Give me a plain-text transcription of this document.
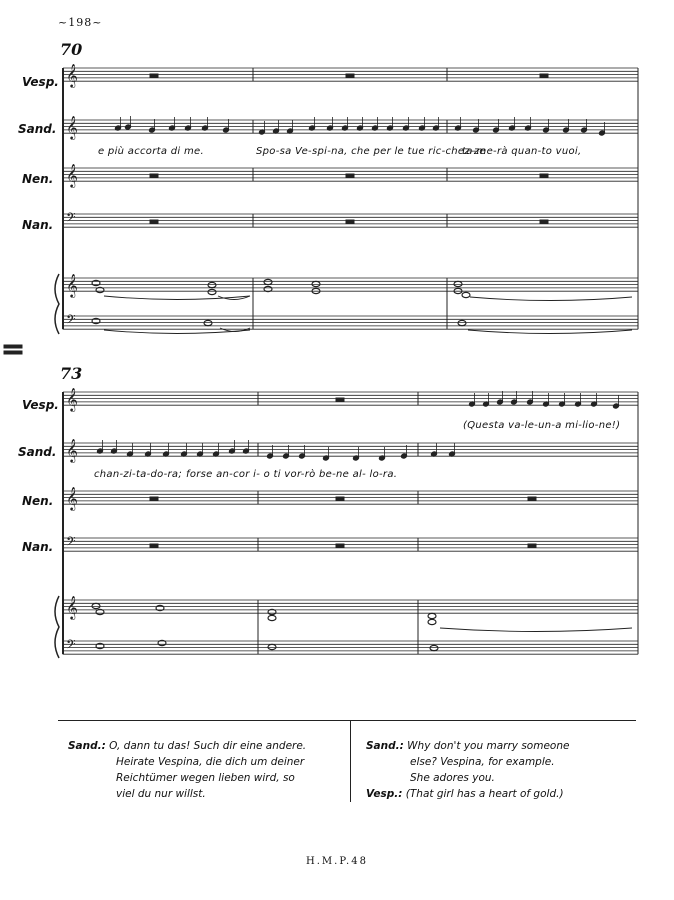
𝄞
𝄞
𝄞
𝄢
𝄞
𝄢
𝄞
𝄞
𝄞
𝄢
𝄞
𝄢
~198~
70
Vesp.
Sand.
Nen.
Nan.
e più accorta di me.	Spo-sa Ve-spi-na, che per le tue ric-chez-ze
ta-me-rà quan-to vuoi,
73
Vesp.
Sand.
Nen.
Nan.
(Questa va-le-un-a mi-lio-ne!)
chan-zi-ta-do-ra; forse an-cor i- o ti vor-rò be-ne al- lo-ra.
Sand.: O, dann tu das! Such dir eine andere.
Heirate Vespina, die dich um deiner
Reichtümer wegen lieben wird, so
viel du nur willst.
Sand.: Why don't you marry someone
else? Vespina, for example.
She adores you.
Vesp.: (That girl has a heart of gold.)
H.M.P.48
